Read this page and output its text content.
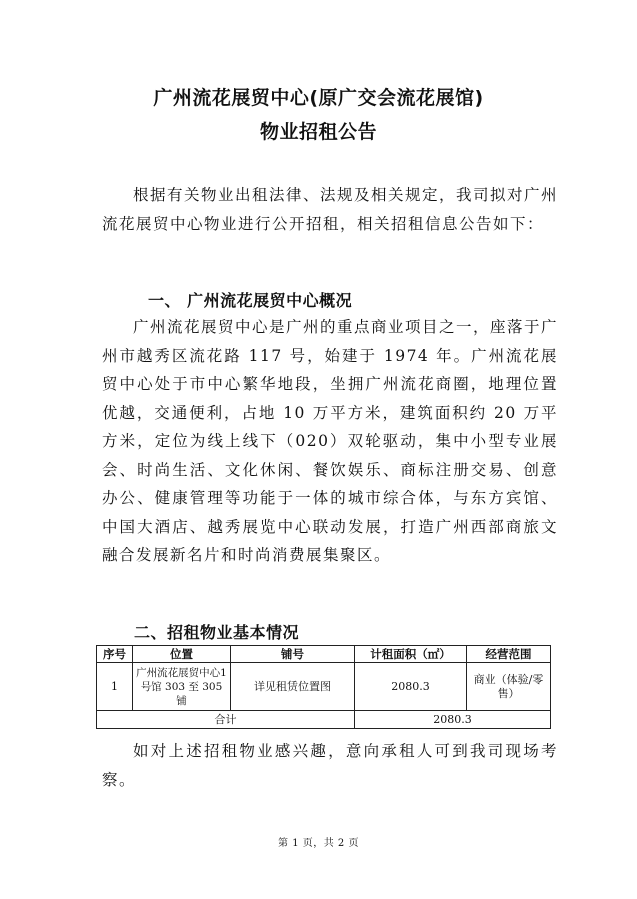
广州流花展贸中心(原广交会流花展馆)
物业招租公告

根据有关物业出租法律、法规及相关规定，我司拟对广州流花展贸中心物业进行公开招租，相关招租信息公告如下：

一、 广州流花展贸中心概况

广州流花展贸中心是广州的重点商业项目之一，座落于广州市越秀区流花路 117 号，始建于 1974 年。广州流花展贸中心处于市中心繁华地段，坐拥广州流花商圈，地理位置优越，交通便利，占地 10 万平方米，建筑面积约 20 万平方米，定位为线上线下（020）双轮驱动，集中小型专业展会、时尚生活、文化休闲、餐饮娱乐、商标注册交易、创意办公、健康管理等功能于一体的城市综合体，与东方宾馆、中国大酒店、越秀展览中心联动发展，打造广州西部商旅文融合发展新名片和时尚消费展集聚区。

二、招租物业基本情况
序号	位置	铺号	计租面积（㎡）	经营范围
1	广州流花展贸中心1号馆 303 至 305 铺	详见租赁位置图	2080.3	商业（体验/零售）
合计			2080.3	

如对上述招租物业感兴趣，意向承租人可到我司现场考察。

第 1 页，共 2 页
